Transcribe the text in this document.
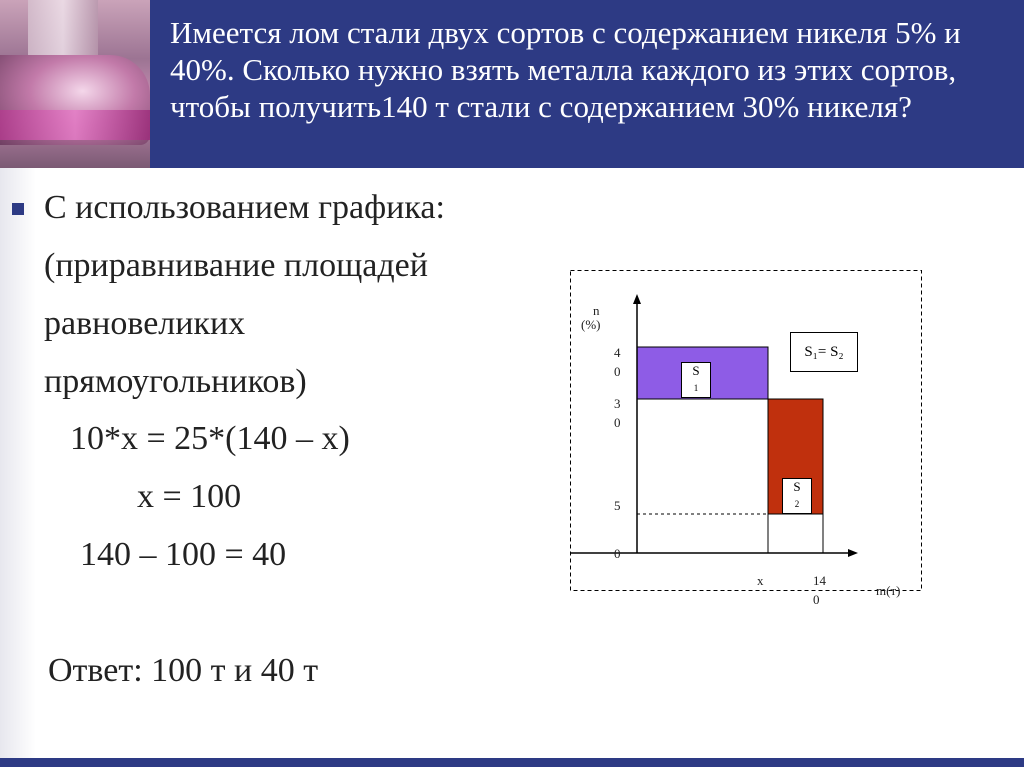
Имеется лом стали двух сортов с содержанием никеля 5% и 40%. Сколько нужно взять металла каждого из этих сортов, чтобы получить140 т стали с содержанием 30% никеля?
С использованием графика:
(приравнивание площадей
равновеликих
прямоугольников)
10*х = 25*(140 – х)
х = 100
140 – 100 = 40
Ответ: 100 т и 40 т
n
(%)
4
0
3
0
5
0
x	14
0
m(т)
S₁= S₂
S
1
S
2
